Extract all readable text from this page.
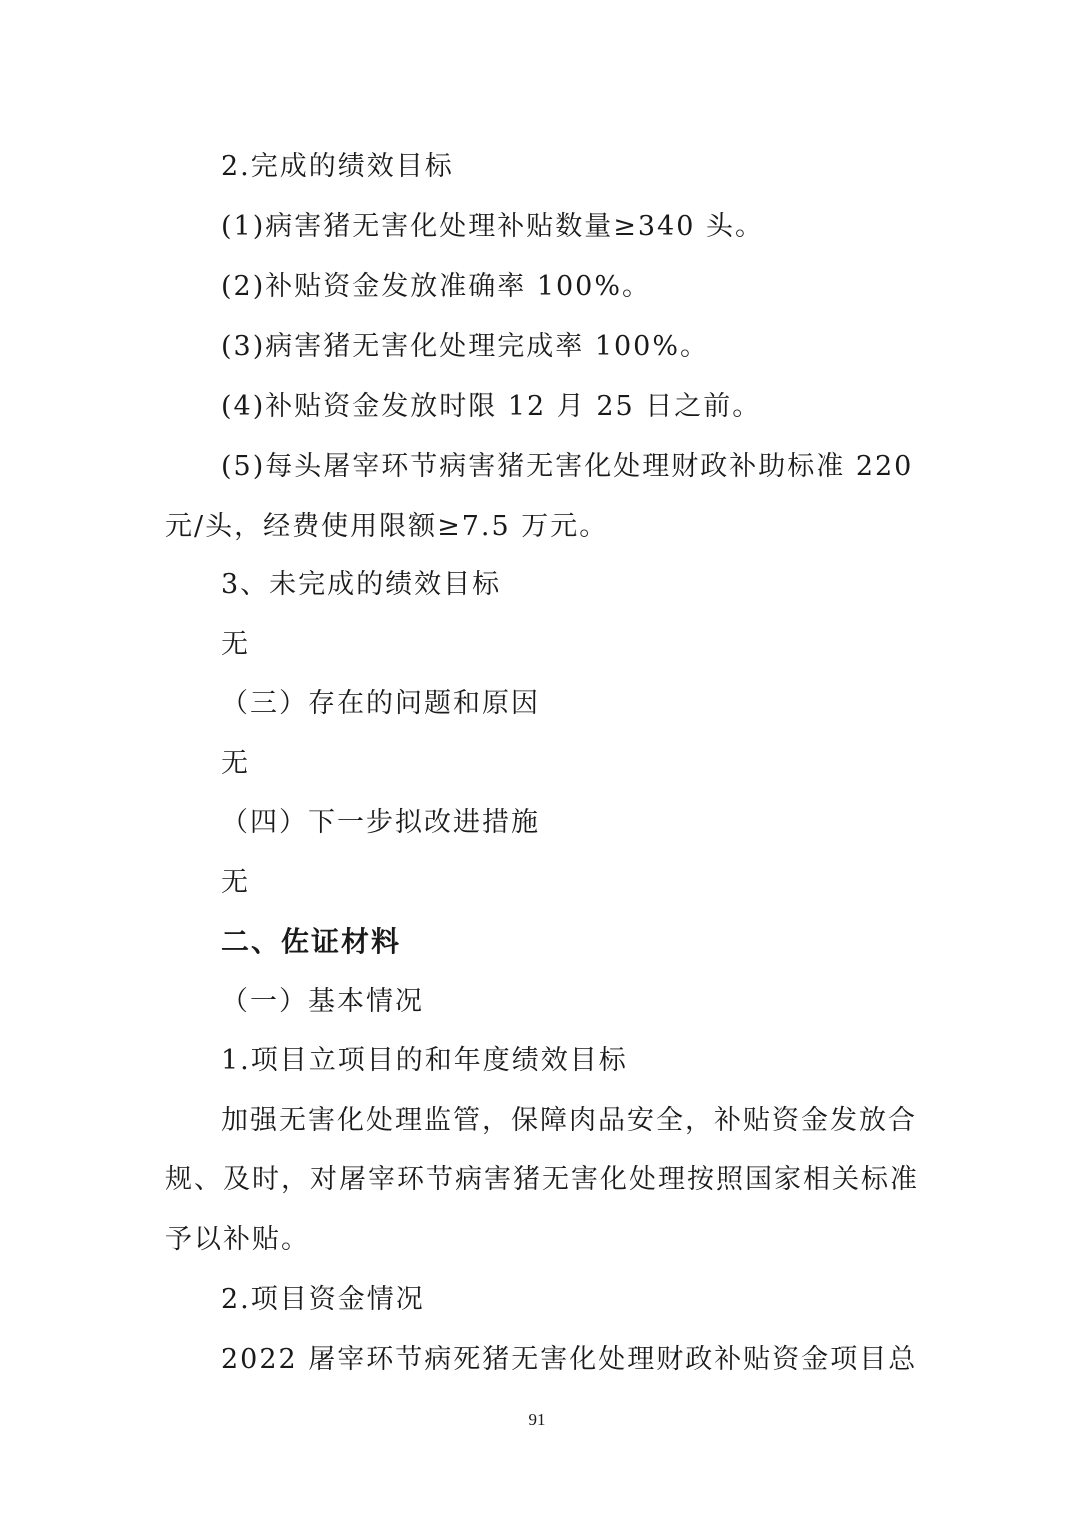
2.完成的绩效目标
(1)病害猪无害化处理补贴数量≥340 头。
(2)补贴资金发放准确率 100%。
(3)病害猪无害化处理完成率 100%。
(4)补贴资金发放时限 12 月 25 日之前。
(5)每头屠宰环节病害猪无害化处理财政补助标准 220
元/头，经费使用限额≥7.5 万元。
3、未完成的绩效目标
无
（三）存在的问题和原因
无
（四）下一步拟改进措施
无
二、佐证材料
（一）基本情况
1.项目立项目的和年度绩效目标
加强无害化处理监管，保障肉品安全，补贴资金发放合
规、及时，对屠宰环节病害猪无害化处理按照国家相关标准
予以补贴。
2.项目资金情况
2022 屠宰环节病死猪无害化处理财政补贴资金项目总
91
